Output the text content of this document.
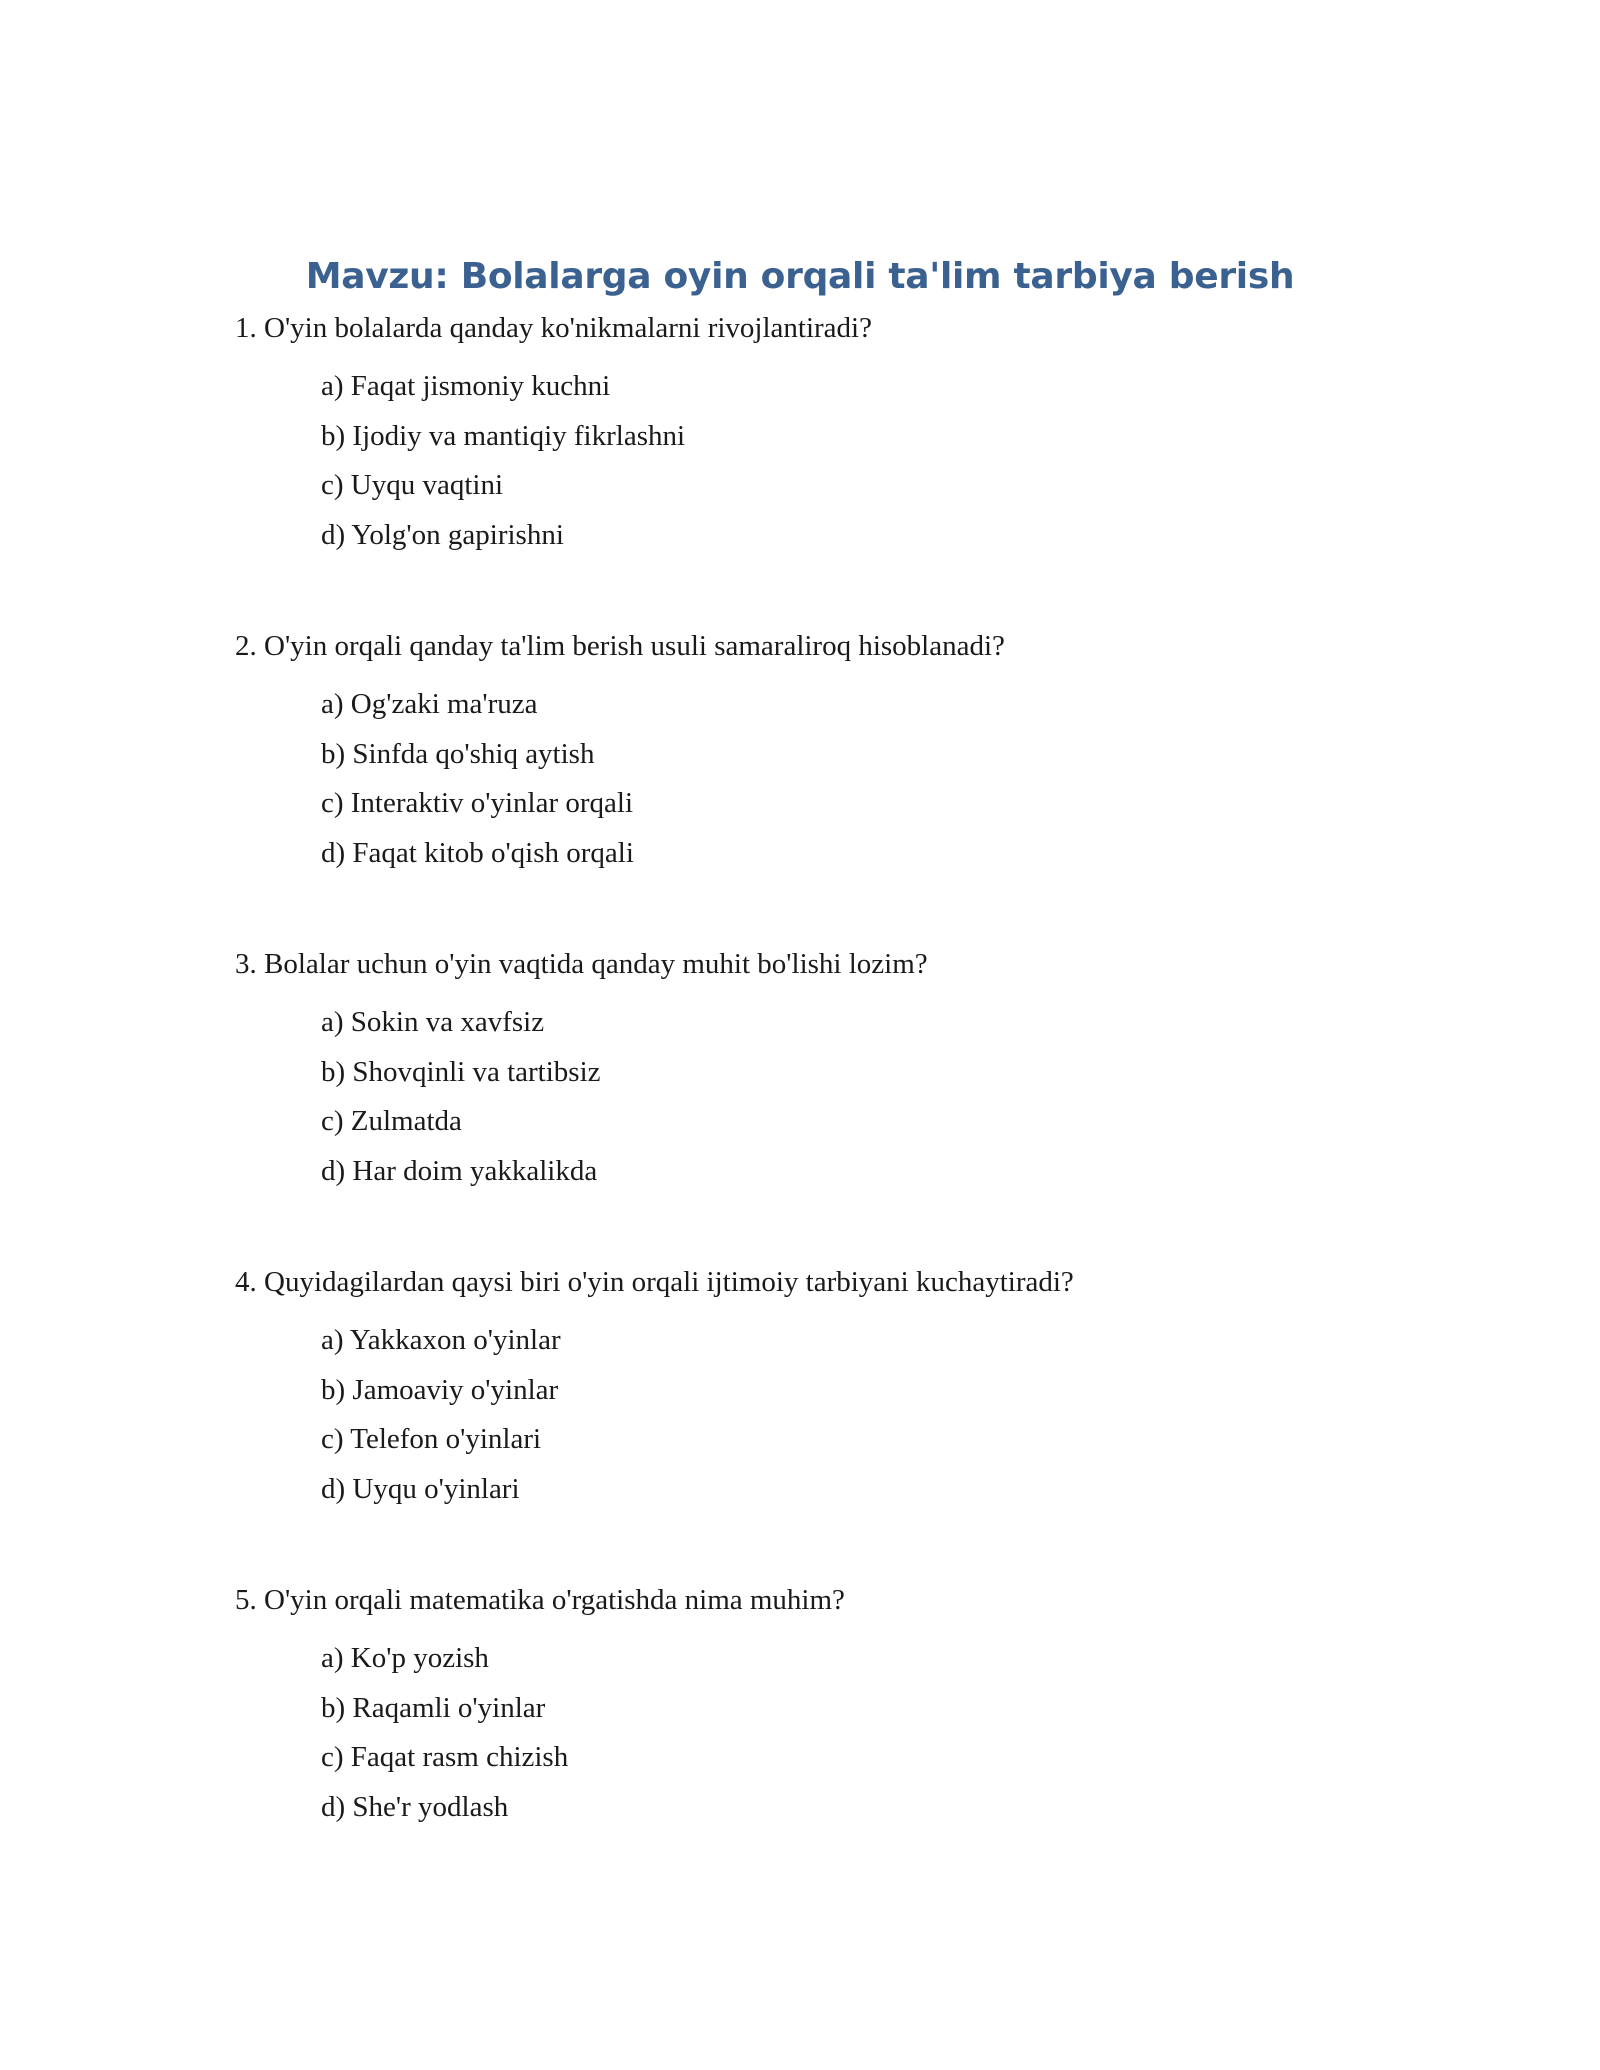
Mavzu: Bolalarga oyin orqali ta'lim tarbiya berish

1. O'yin bolalarda qanday ko'nikmalarni rivojlantiradi?

a) Faqat jismoniy kuchni
b) Ijodiy va mantiqiy fikrlashni
c) Uyqu vaqtini
d) Yolg'on gapirishni

2. O'yin orqali qanday ta'lim berish usuli samaraliroq hisoblanadi?

a) Og'zaki ma'ruza
b) Sinfda qo'shiq aytish
c) Interaktiv o'yinlar orqali
d) Faqat kitob o'qish orqali

3. Bolalar uchun o'yin vaqtida qanday muhit bo'lishi lozim?

a) Sokin va xavfsiz
b) Shovqinli va tartibsiz
c) Zulmatda
d) Har doim yakkalikda

4. Quyidagilardan qaysi biri o'yin orqali ijtimoiy tarbiyani kuchaytiradi?

a) Yakkaxon o'yinlar
b) Jamoaviy o'yinlar
c) Telefon o'yinlari
d) Uyqu o'yinlari

5. O'yin orqali matematika o'rgatishda nima muhim?

a) Ko'p yozish
b) Raqamli o'yinlar
c) Faqat rasm chizish
d) She'r yodlash
